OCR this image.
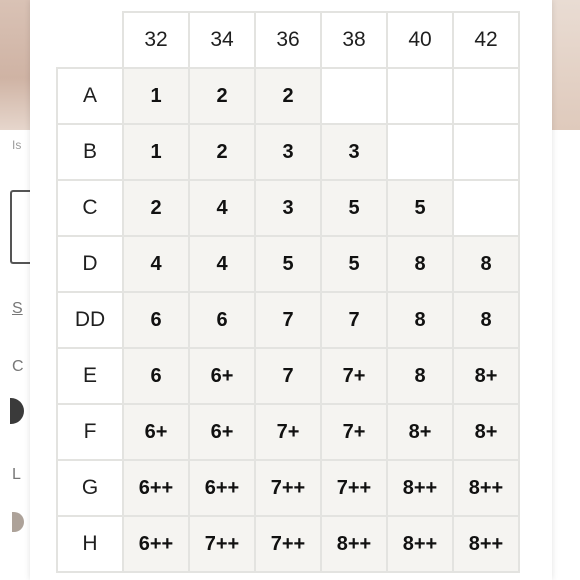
Is
S
C
L
	32	34	36	38	40	42
A	1	2	2			
B	1	2	3	3		
C	2	4	3	5	5	
D	4	4	5	5	8	8
DD	6	6	7	7	8	8
E	6	6+	7	7+	8	8+
F	6+	6+	7+	7+	8+	8+
G	6++	6++	7++	7++	8++	8++
H	6++	7++	7++	8++	8++	8++
